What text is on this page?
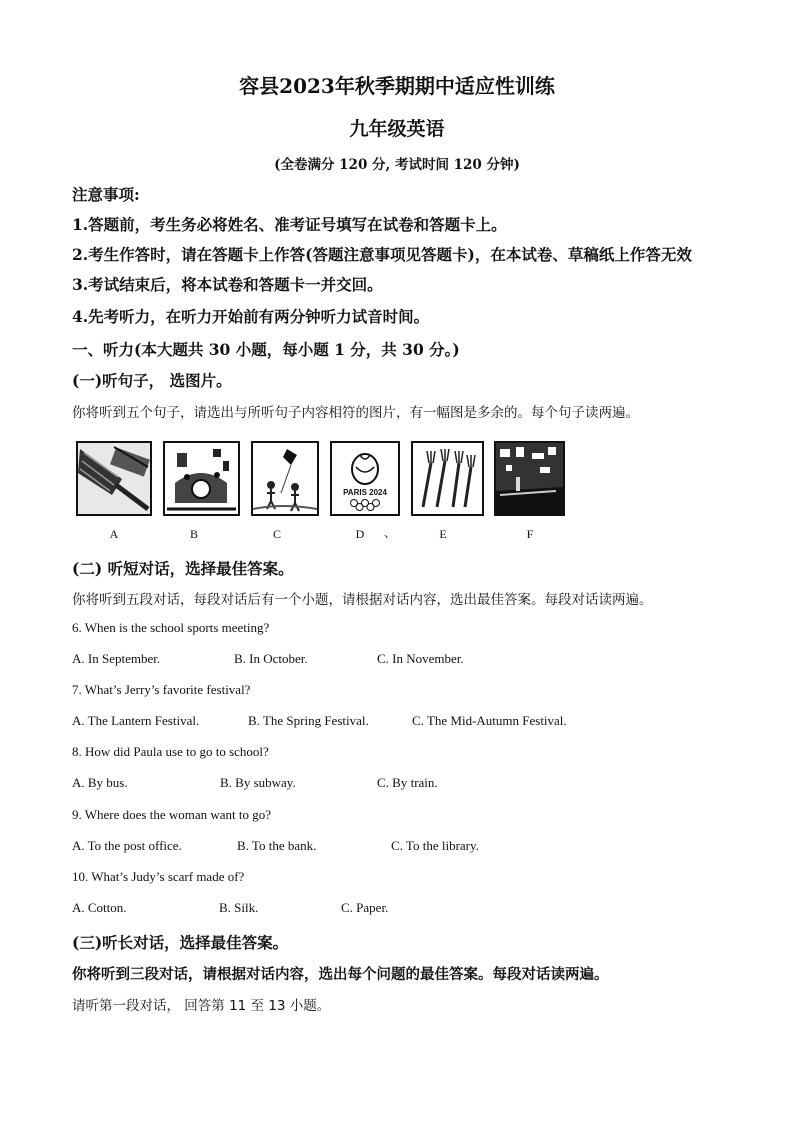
容县2023年秋季期期中适应性训练
九年级英语
(全卷满分 120 分, 考试时间 120 分钟)
注意事项:
1.答题前，考生务必将姓名、准考证号填写在试卷和答题卡上。
2.考生作答时，请在答题卡上作答(答题注意事项见答题卡)，在本试卷、草稿纸上作答无效
3.考试结束后，将本试卷和答题卡一并交回。
4.先考听力，在听力开始前有两分钟听力试音时间。
一、听力(本大题共 30 小题，每小题 1 分，共 30 分。)
(一)听句子， 选图片。
你将听到五个句子，请选出与所听句子内容相符的图片，有一幅图是多余的。每个句子读两遍。
PARIS 2024
A	B	C	D	、	E	F
(二) 听短对话，选择最佳答案。
你将听到五段对话，每段对话后有一个小题，请根据对话内容，选出最佳答案。每段对话读两遍。
6. When is the school sports meeting?
A. In September.	B. In October.	C. In November.
7. What’s Jerry’s favorite festival?
A. The Lantern Festival.	B. The Spring Festival.	C. The Mid-Autumn Festival.
8. How did Paula use to go to school?
A. By bus.	B. By subway.	C. By train.
9. Where does the woman want to go?
A. To the post office.	B. To the bank.	C. To the library.
10. What’s Judy’s scarf made of?
A. Cotton.	B. Silk.	C. Paper.
(三)听长对话，选择最佳答案。
你将听到三段对话，请根据对话内容，选出每个问题的最佳答案。每段对话读两遍。
请听第一段对话， 回答第 11 至 13 小题。
